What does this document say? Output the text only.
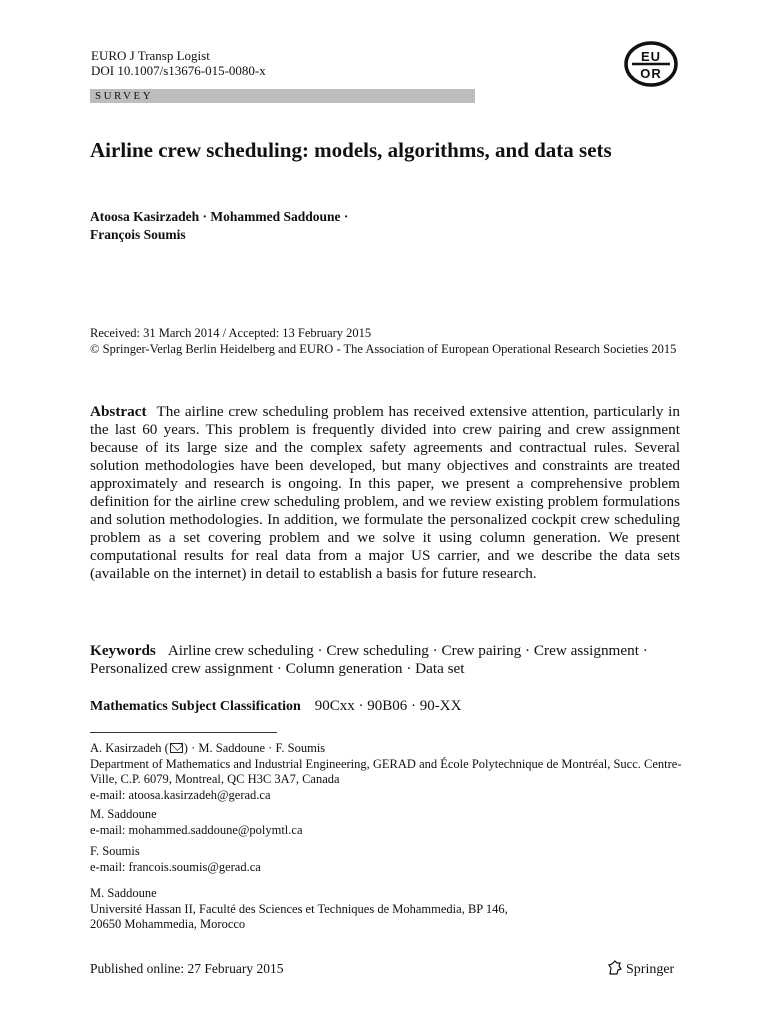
EURO J Transp Logist
DOI 10.1007/s13676-015-0080-x
EU
OR
SURVEY
Airline crew scheduling: models, algorithms, and data sets
Atoosa Kasirzadeh · Mohammed Saddoune ·
François Soumis
Received: 31 March 2014 / Accepted: 13 February 2015
© Springer-Verlag Berlin Heidelberg and EURO - The Association of European Operational Research Societies 2015
Abstract The airline crew scheduling problem has received extensive attention, particularly in the last 60 years. This problem is frequently divided into crew pairing and crew assignment because of its large size and the complex safety agreements and contractual rules. Several solution methodologies have been developed, but many objectives and constraints are treated approximately and research is ongoing. In this paper, we present a comprehensive problem definition for the airline crew scheduling problem, and we review existing problem formulations and solution methodologies. In addition, we formulate the personalized cockpit crew scheduling problem as a set covering problem and we solve it using column generation. We present computational results for real data from a major US carrier, and we describe the data sets (available on the internet) in detail to establish a basis for future research.
Keywords Airline crew scheduling · Crew scheduling · Crew pairing · Crew assignment · Personalized crew assignment · Column generation · Data set
Mathematics Subject Classification 90Cxx · 90B06 · 90-XX
A. Kasirzadeh ( ) · M. Saddoune · F. Soumis
Department of Mathematics and Industrial Engineering, GERAD and École Polytechnique de Montréal, Succ. Centre-Ville, C.P. 6079, Montreal, QC H3C 3A7, Canada
e-mail: atoosa.kasirzadeh@gerad.ca
M. Saddoune
e-mail: mohammed.saddoune@polymtl.ca
F. Soumis
e-mail: francois.soumis@gerad.ca
M. Saddoune
Université Hassan II, Faculté des Sciences et Techniques de Mohammedia, BP 146,
20650 Mohammedia, Morocco
Published online: 27 February 2015	Springer
